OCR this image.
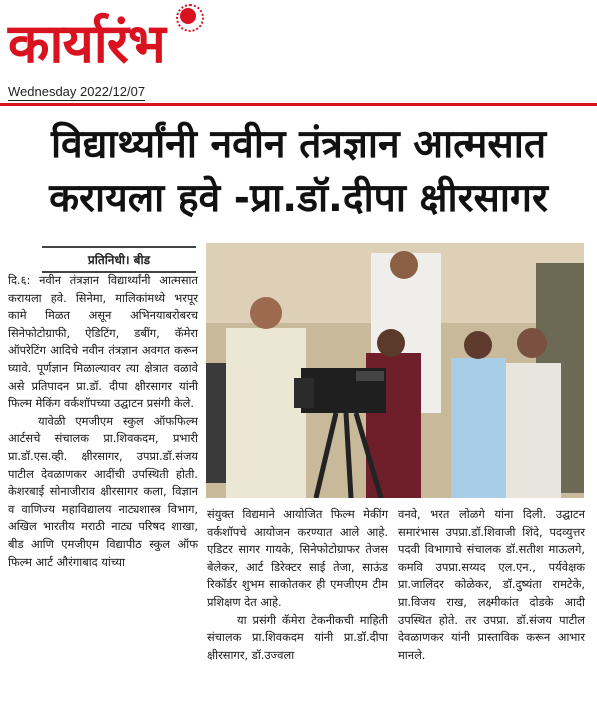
कार्यारंभ
Wednesday 2022/12/07
विद्यार्थ्यांनी नवीन तंत्रज्ञान आत्मसात
करायला हवे -प्रा.डॉ.दीपा क्षीरसागर
प्रतिनिधी। बीड

दि.६: नवीन तंत्रज्ञान विद्यार्थ्यांनी आत्मसात करायला हवे. सिनेमा, मालिकांमध्ये भरपूर कामे मिळत असून अभिनयाबरोबरच सिनेफोटोग्राफी, ऐडिटिंग, डबींग, कॅमेरा ऑपरेटिंग आदिचे नवीन तंत्रज्ञान अवगत करून घ्यावे. पूर्णज्ञान मिळाल्यावर त्या क्षेत्रात वळावे असे प्रतिपादन प्रा.डॉ. दीपा क्षीरसागर यांनी फिल्म मेकिंग वर्कशॉपच्या उद्घाटन प्रसंगी केले.

यावेळी एमजीएम स्कुल ऑफफिल्म आर्टसचे संचालक प्रा.शिवकदम, प्रभारी प्रा.डॉ.एस.व्ही. क्षीरसागर, उपप्रा.डॉ.संजय पाटील देवळाणकर आदींची उपस्थिती होती. केशरबाई सोनाजीराव क्षीरसागर कला, विज्ञान व वाणिज्य महाविद्यालय नाट्यशास्त्र विभाग, अखिल भारतीय मराठी नाट्य परिषद शाखा, बीड आणि एमजीएम विद्यापीठ स्कुल ऑफ फिल्म आर्ट औरंगाबाद यांच्या

संयुक्त विद्यमाने आयोजित फिल्म मेकींग वर्कशॉपचे आयोजन करण्यात आले आहे. एडिटर सागर गायके, सिनेफोटोग्राफर तेजस बेलेकर, आर्ट डिरेक्टर साई तेजा, साऊंड रिकॉर्डर शुभम साकोतकर ही एमजीएम टीम प्रशिक्षण देत आहे.

या प्रसंगी कॅमेरा टेकनीकची माहिती संचालक प्रा.शिवकदम यांनी प्रा.डॉ.दीपा क्षीरसागर, डॉ.उज्वला

वनवे, भरत लोळगे यांना दिली. उद्घाटन समारंभास उपप्रा.डॉ.शिवाजी शिंदे, पदव्युत्तर पदवी विभागाचे संचालक डॉ.सतीश माऊलगे, कमवि उपप्रा.सय्यद एल.एन., पर्यवेक्षक प्रा.जालिंदर कोळेकर, डॉ.दुष्यंता रामटेके, प्रा.विजय राख, लक्ष्मीकांत दोडके आदी उपस्थित होते. तर उपप्रा. डॉ.संजय पाटील देवळाणकर यांनी प्रास्ताविक करून आभार मानले.
